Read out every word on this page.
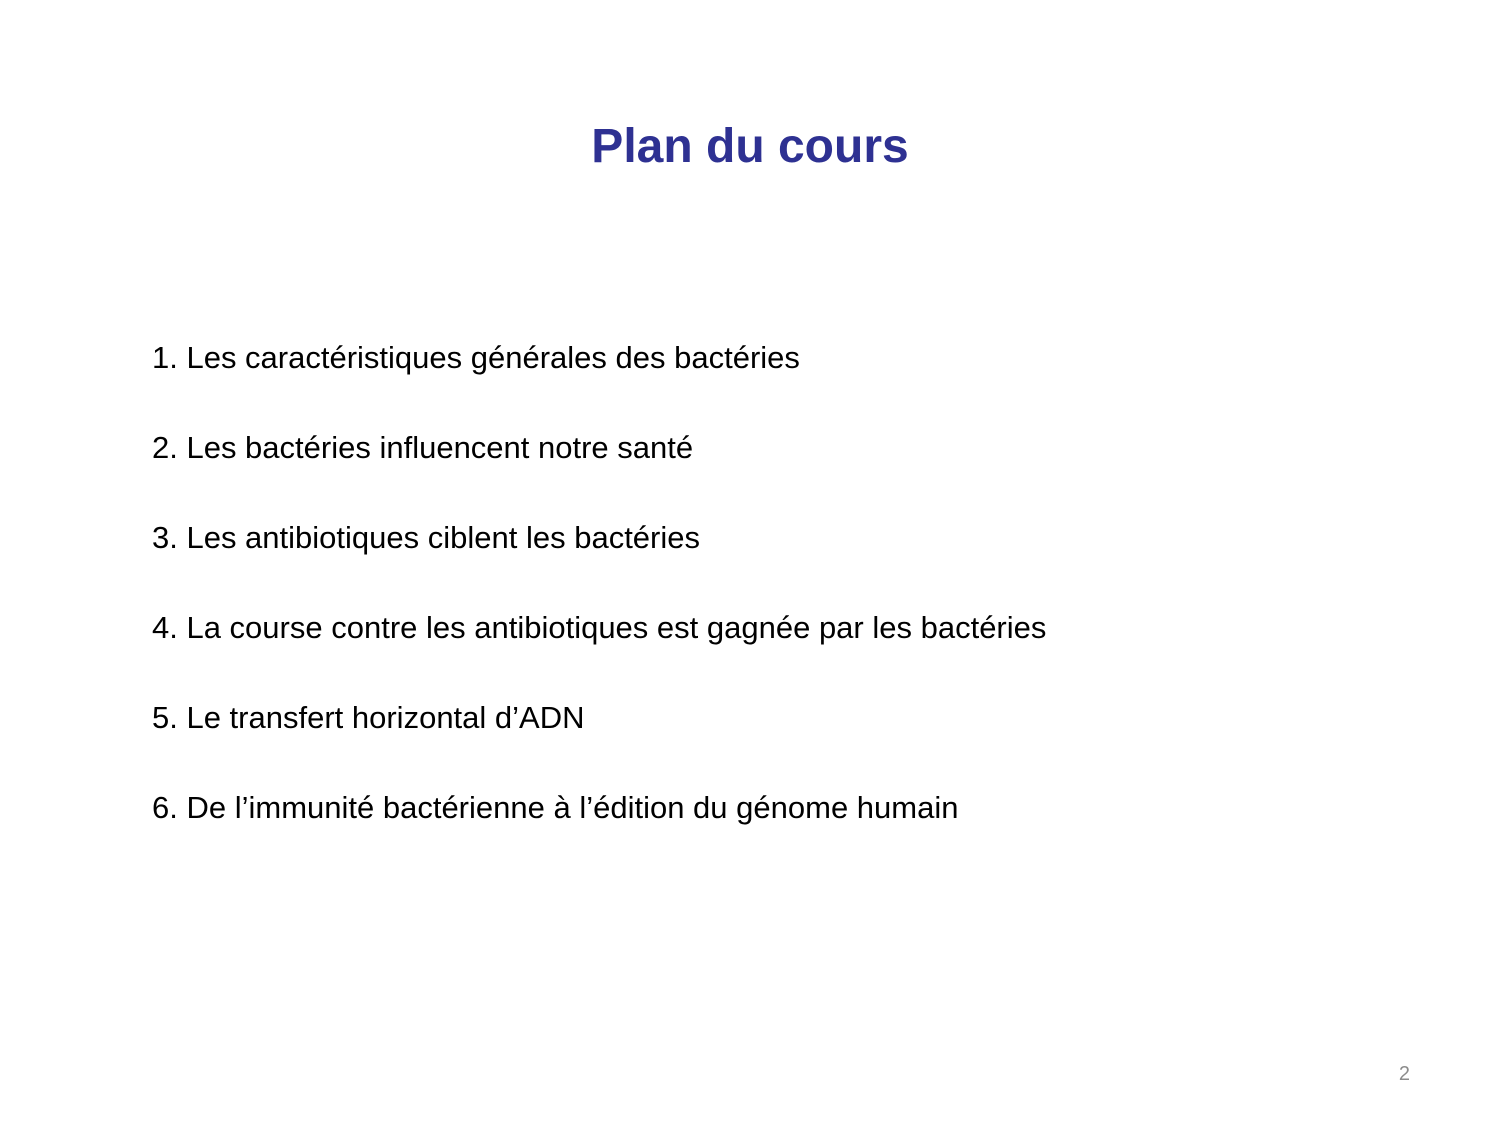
Plan du cours
1. Les caractéristiques générales des bactéries
2. Les bactéries influencent notre santé
3. Les antibiotiques ciblent les bactéries
4. La course contre les antibiotiques est gagnée par les bactéries
5. Le transfert horizontal d’ADN
6. De l’immunité bactérienne à l’édition du génome humain
2
